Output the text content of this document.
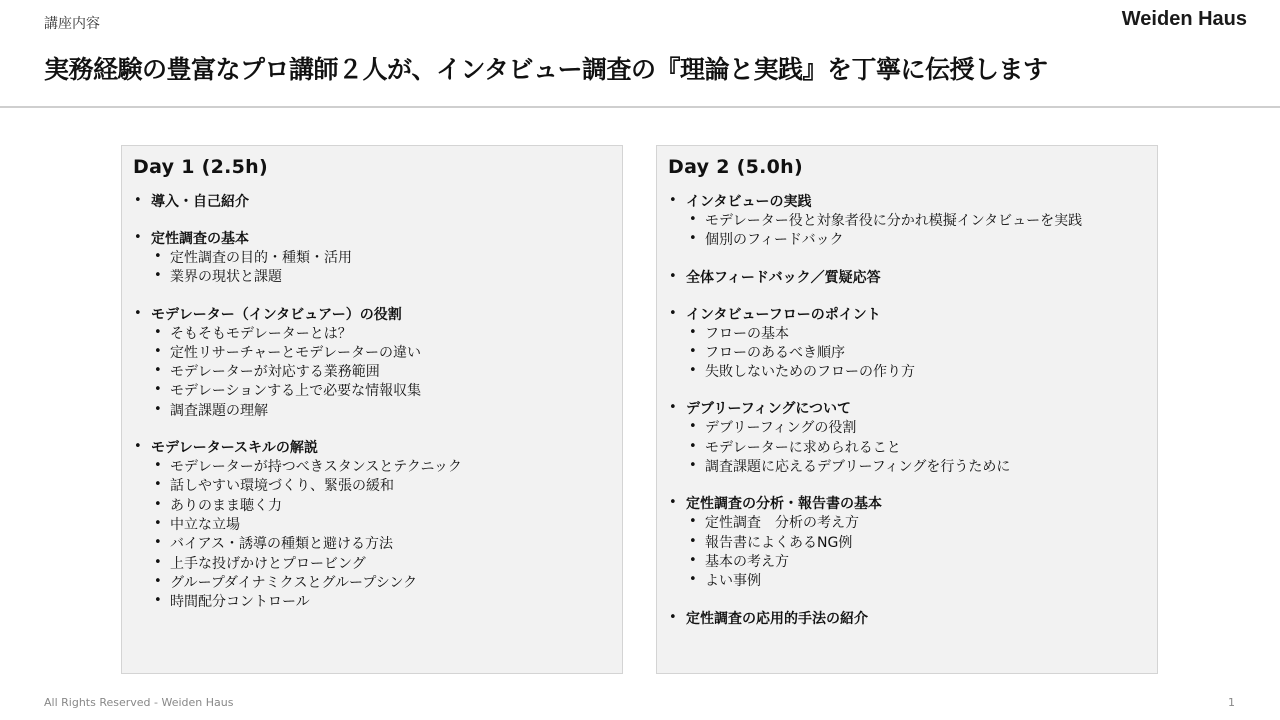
講座内容	Weiden Haus

実務経験の豊富なプロ講師２人が、インタビュー調査の『理論と実践』を丁寧に伝授します
Day 1 (2.5h)
• 導入・自己紹介
• 定性調査の基本
• 定性調査の目的・種類・活用
• 業界の現状と課題
• モデレーター（インタビュアー）の役割
• そもそもモデレーターとは？
• 定性リサーチャーとモデレーターの違い
• モデレーターが対応する業務範囲
• モデレーションする上で必要な情報収集
• 調査課題の理解
• モデレータースキルの解説
• モデレーターが持つべきスタンスとテクニック
• 話しやすい環境づくり、緊張の緩和
• ありのまま聴く力
• 中立な立場
• バイアス・誘導の種類と避ける方法
• 上手な投げかけとプロービング
• グループダイナミクスとグループシンク
• 時間配分コントロール
Day 2 (5.0h)
• インタビューの実践
• モデレーター役と対象者役に分かれ模擬インタビューを実践
• 個別のフィードバック
• 全体フィードバック／質疑応答
• インタビューフローのポイント
• フローの基本
• フローのあるべき順序
• 失敗しないためのフローの作り方
• デブリーフィングについて
• デブリーフィングの役割
• モデレーターに求められること
• 調査課題に応えるデブリーフィングを行うために
• 定性調査の分析・報告書の基本
• 定性調査　分析の考え方
• 報告書によくあるNG例
• 基本の考え方
• よい事例
• 定性調査の応用的手法の紹介

All Rights Reserved - Weiden Haus	1
